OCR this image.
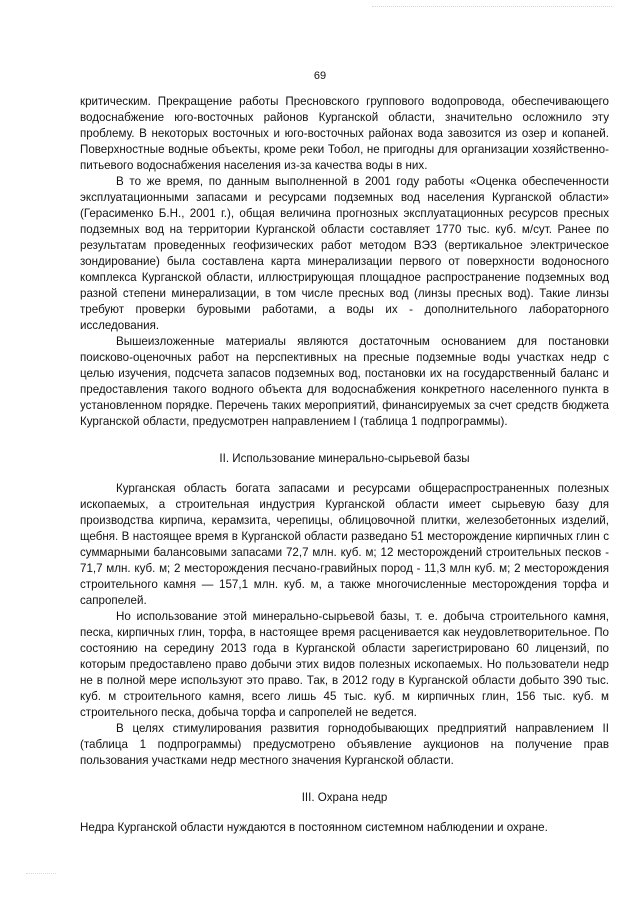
69

критическим. Прекращение работы Пресновского группового водопровода, обеспечивающего водоснабжение юго-восточных районов Курганской области, значительно осложнило эту проблему. В некоторых восточных и юго-восточных районах вода завозится из озер и копаней. Поверхностные водные объекты, кроме реки Тобол, не пригодны для организации хозяйственно-питьевого водоснабжения населения из-за качества воды в них.

В то же время, по данным выполненной в 2001 году работы «Оценка обеспеченности эксплуатационными запасами и ресурсами подземных вод населения Курганской области» (Герасименко Б.Н., 2001 г.), общая величина прогнозных эксплуатационных ресурсов пресных подземных вод на территории Курганской области составляет 1770 тыс. куб. м/сут. Ранее по результатам проведенных геофизических работ методом ВЭЗ (вертикальное электрическое зондирование) была составлена карта минерализации первого от поверхности водоносного комплекса Курганской области, иллюстрирующая площадное распространение подземных вод разной степени минерализации, в том числе пресных вод (линзы пресных вод). Такие линзы требуют проверки буровыми работами, а воды их - дополнительного лабораторного исследования.

Вышеизложенные материалы являются достаточным основанием для постановки поисково-оценочных работ на перспективных на пресные подземные воды участках недр с целью изучения, подсчета запасов подземных вод, постановки их на государственный баланс и предоставления такого водного объекта для водоснабжения конкретного населенного пункта в установленном порядке. Перечень таких мероприятий, финансируемых за счет средств бюджета Курганской области, предусмотрен направлением I (таблица 1 подпрограммы).

II. Использование минерально-сырьевой базы

Курганская область богата запасами и ресурсами общераспространенных полезных ископаемых, а строительная индустрия Курганской области имеет сырьевую базу для производства кирпича, керамзита, черепицы, облицовочной плитки, железобетонных изделий, щебня. В настоящее время в Курганской области разведано 51 месторождение кирпичных глин с суммарными балансовыми запасами 72,7 млн. куб. м; 12 месторождений строительных песков - 71,7 млн. куб. м; 2 месторождения песчано-гравийных пород - 11,3 млн куб. м; 2 месторождения строительного камня — 157,1 млн. куб. м, а также многочисленные месторождения торфа и сапропелей.

Но использование этой минерально-сырьевой базы, т. е. добыча строительного камня, песка, кирпичных глин, торфа, в настоящее время расценивается как неудовлетворительное. По состоянию на середину 2013 года в Курганской области зарегистрировано 60 лицензий, по которым предоставлено право добычи этих видов полезных ископаемых. Но пользователи недр не в полной мере используют это право. Так, в 2012 году в Курганской области добыто 390 тыс. куб. м строительного камня, всего лишь 45 тыс. куб. м кирпичных глин, 156 тыс. куб. м строительного песка, добыча торфа и сапропелей не ведется.

В целях стимулирования развития горнодобывающих предприятий направлением II (таблица 1 подпрограммы) предусмотрено объявление аукционов на получение прав пользования участками недр местного значения Курганской области.

III. Охрана недр

Недра Курганской области нуждаются в постоянном системном наблюдении и охране.
